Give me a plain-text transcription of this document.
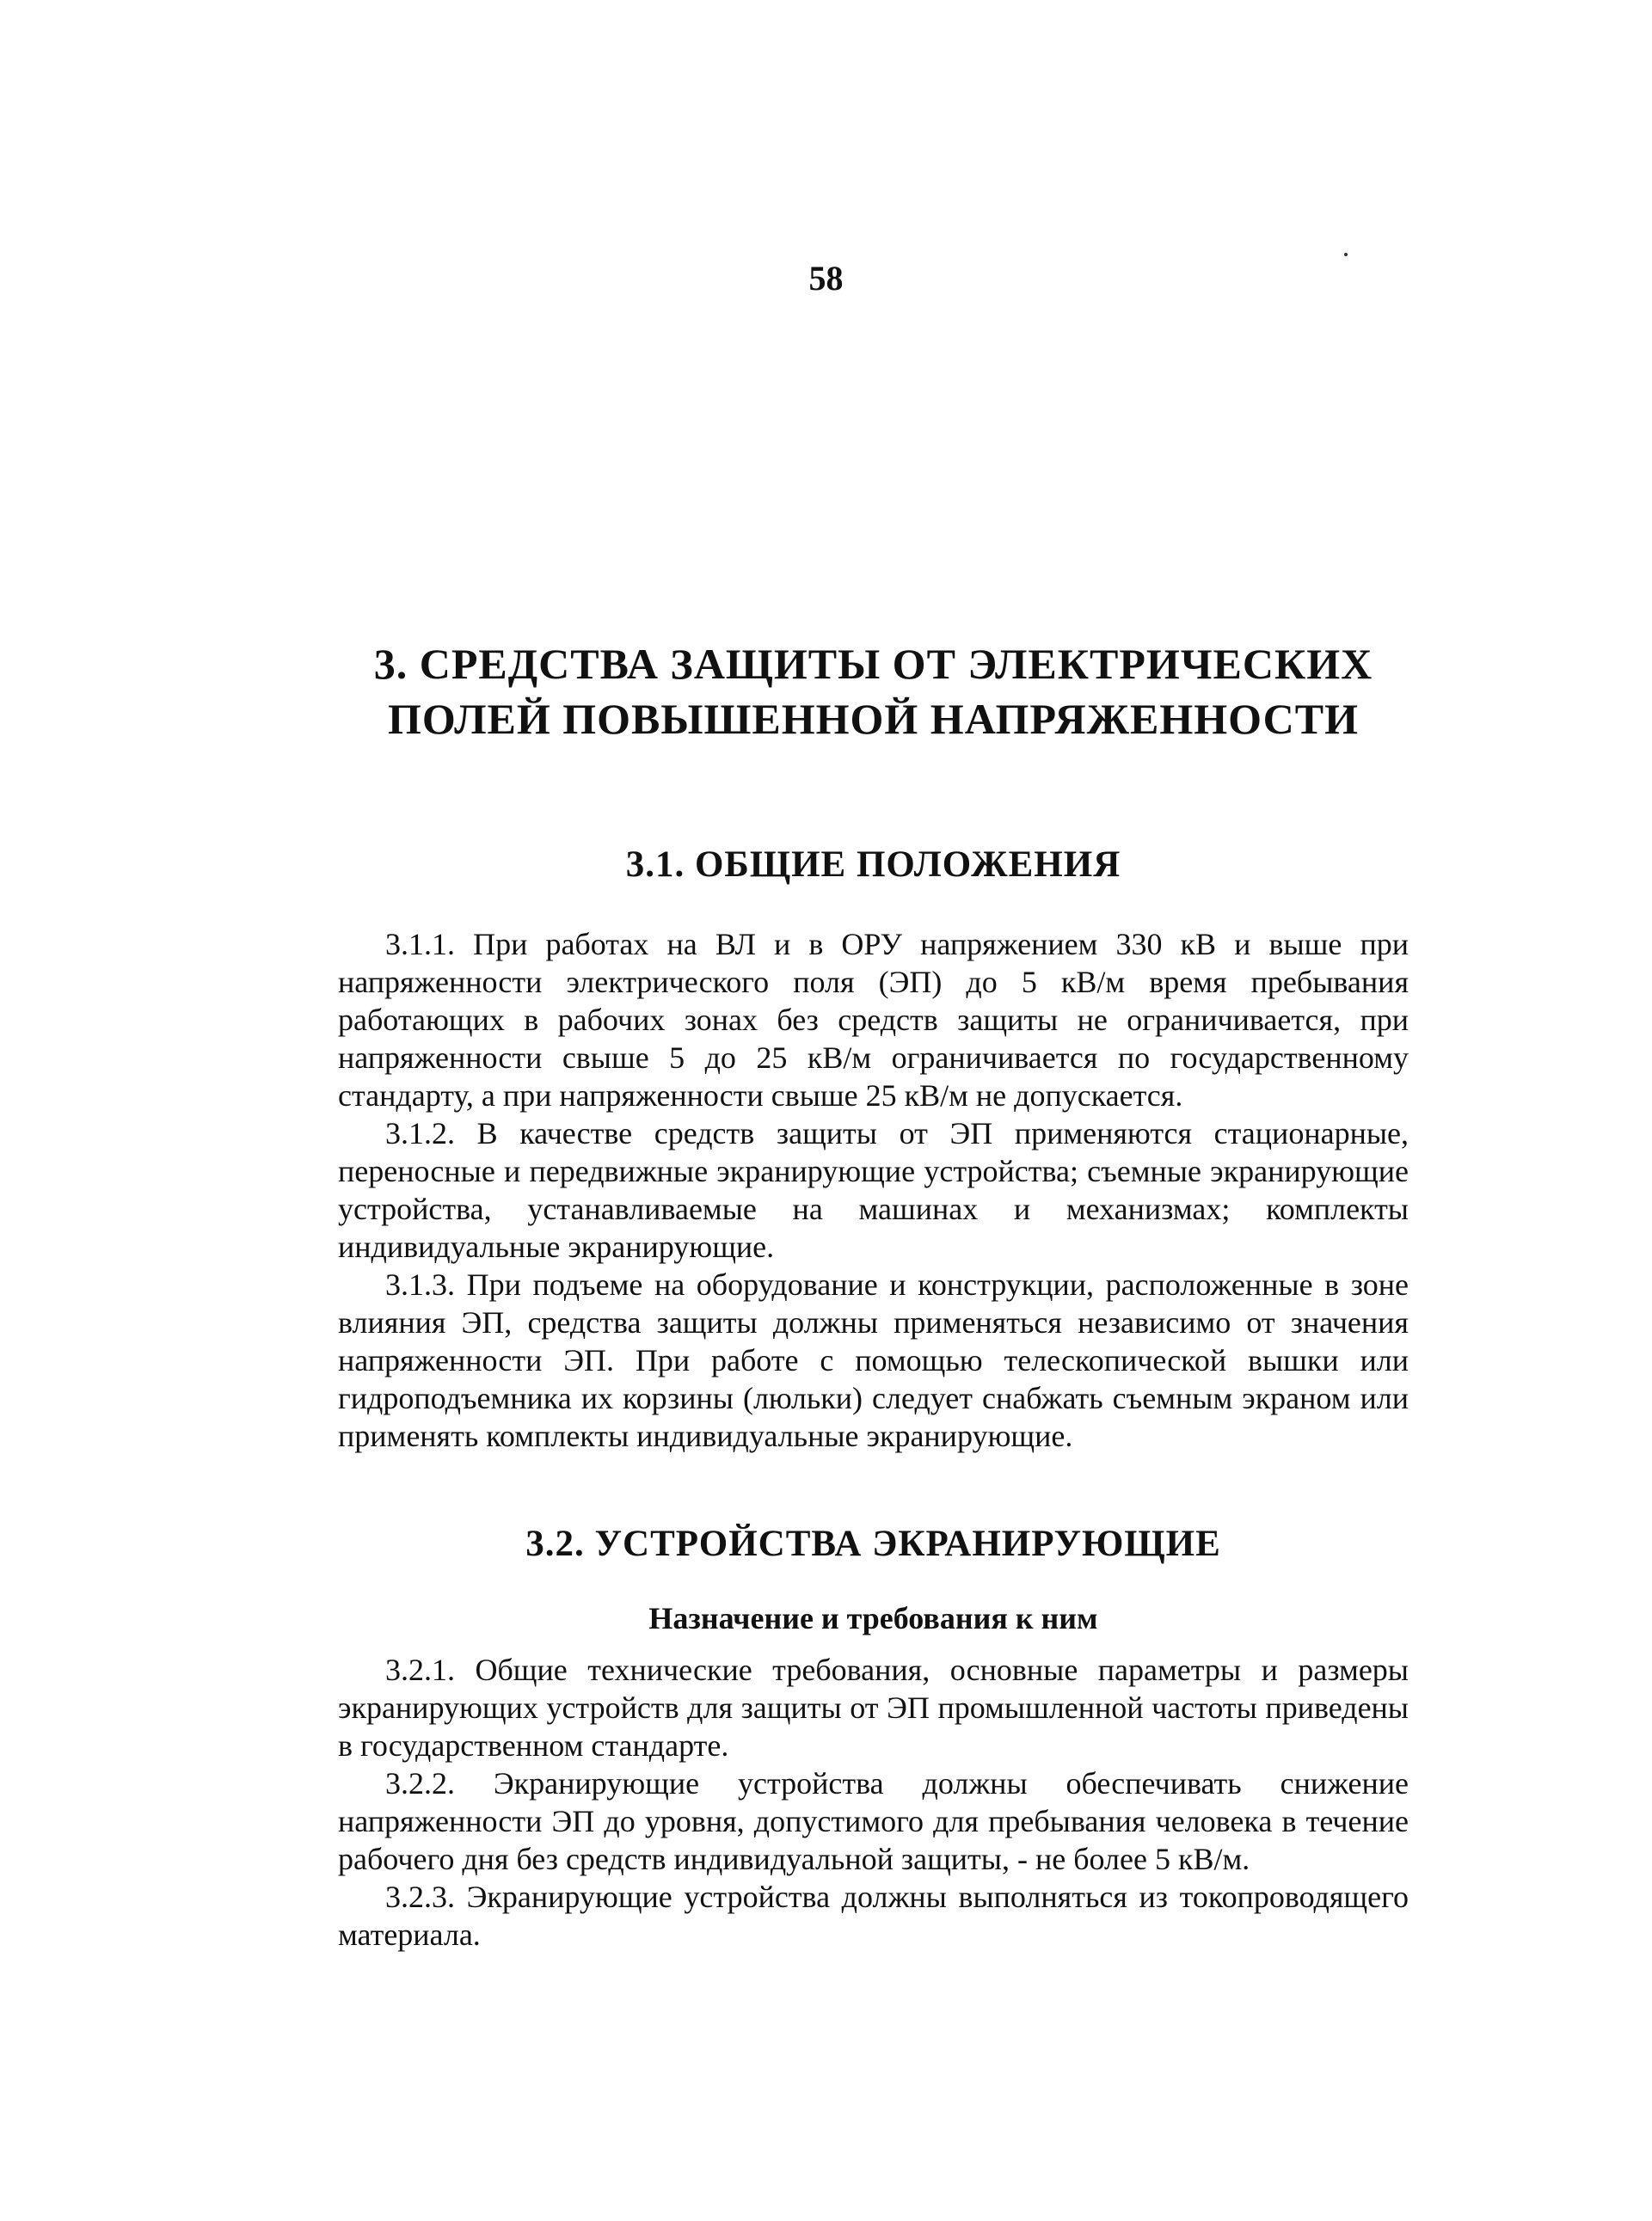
58
3. СРЕДСТВА ЗАЩИТЫ ОТ ЭЛЕКТРИЧЕСКИХ
ПОЛЕЙ ПОВЫШЕННОЙ НАПРЯЖЕННОСТИ
3.1. ОБЩИЕ ПОЛОЖЕНИЯ

3.1.1. При работах на ВЛ и в ОРУ напряжением 330 кВ и выше при напряженности электрического поля (ЭП) до 5 кВ/м время пребывания работающих в рабочих зонах без средств защиты не ограничивается, при напряженности свыше 5 до 25 кВ/м ограничивается по государственному стандарту, а при напряженности свыше 25 кВ/м не допускается.

3.1.2. В качестве средств защиты от ЭП применяются стационарные, переносные и передвижные экранирующие устройства; съемные экранирующие устройства, устанавливаемые на машинах и механизмах; комплекты индивидуальные экранирующие.

3.1.3. При подъеме на оборудование и конструкции, расположенные в зоне влияния ЭП, средства защиты должны применяться независимо от значения напряженности ЭП. При работе с помощью телескопической вышки или гидроподъемника их корзины (люльки) следует снабжать съемным экраном или применять комплекты индивидуальные экранирующие.

3.2. УСТРОЙСТВА ЭКРАНИРУЮЩИЕ
Назначение и требования к ним

3.2.1. Общие технические требования, основные параметры и размеры экранирующих устройств для защиты от ЭП промышленной частоты приведены в государственном стандарте.

3.2.2. Экранирующие устройства должны обеспечивать снижение напряженности ЭП до уровня, допустимого для пребывания человека в течение рабочего дня без средств индивидуальной защиты, - не более 5 кВ/м.

3.2.3. Экранирующие устройства должны выполняться из токопроводящего материала.
